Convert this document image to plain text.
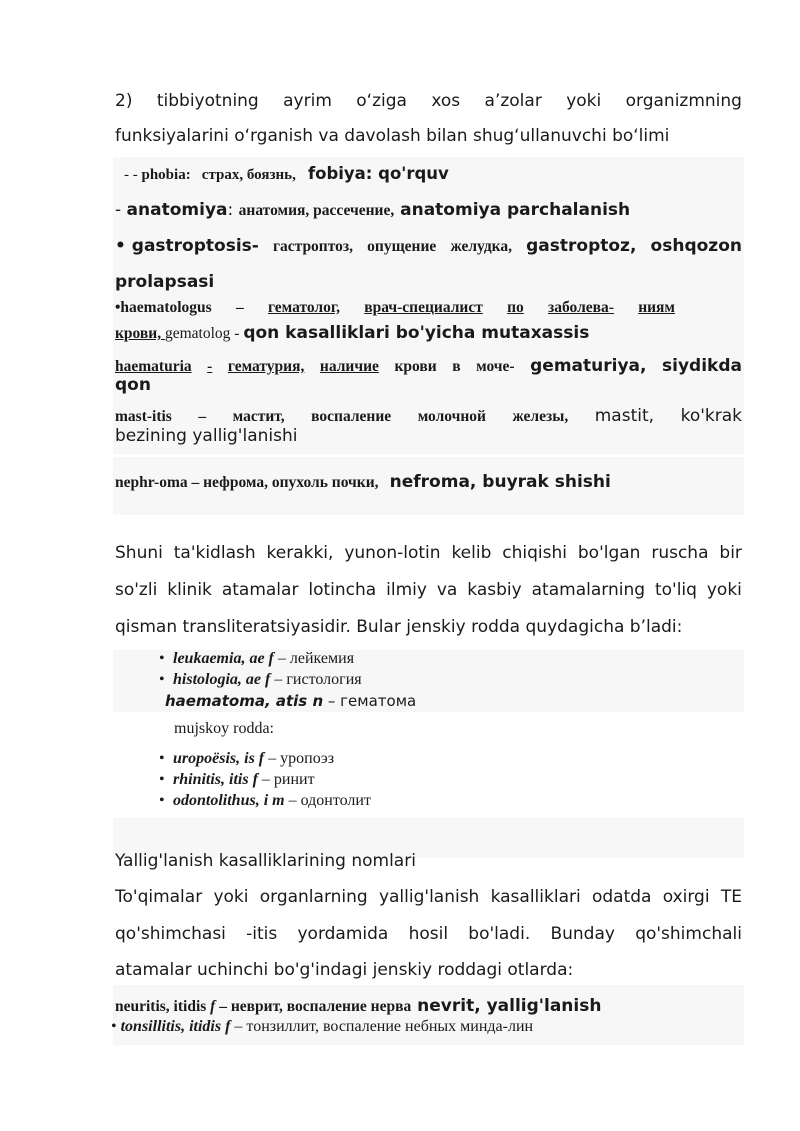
2) tibbiyotning ayrim o‘ziga xos a’zolar yoki organizmning
funksiyalarini o‘rganish va davolash bilan shug‘ullanuvchi bo‘limi
- - phobia: страх, боязнь, fobiya: qo'rquv
- anatomiya: анатомия, рассечение, anatomiya parchalanish
• gastroptosis- гастроптоз, опущение желудка, gastroptoz, oshqozon
prolapsasi
•haematologus – гематолог, врач-специалист по заболева- ниям
крови, gematolog - qon kasalliklari bo'yicha mutaxassis
haematuria - гематурия, наличие крови в моче- gematuriya, siydikda
qon
mast-itis – мастит, воспаление молочной железы, mastit, ko'krak
bezining yallig'lanishi
nephr-oma – нефрома, опухоль почки, nefroma, buyrak shishi
Shuni ta'kidlash kerakki, yunon-lotin kelib chiqishi bo'lgan ruscha bir
so'zli klinik atamalar lotincha ilmiy va kasbiy atamalarning to'liq yoki
qisman transliteratsiyasidir. Bular jenskiy rodda quydagicha b’ladi:
• leukaemia, ae f – лейкемия
• histologia, ae f – гистология
haematoma, atis n – гематома
mujskoy rodda:
• uropoësis, is f – уропоэз
• rhinitis, itis f – ринит
• odontolithus, i m – одонтолит
Yallig'lanish kasalliklarining nomlari
To'qimalar yoki organlarning yallig'lanish kasalliklari odatda oxirgi TE
qo'shimchasi -itis yordamida hosil bo'ladi. Bunday qo'shimchali
atamalar uchinchi bo'g'indagi jenskiy roddagi otlarda:
neuritis, itidis f – неврит, воспаление нерва nevrit, yallig'lanish
• tonsillitis, itidis f – тонзиллит, воспаление небных минда-лин
